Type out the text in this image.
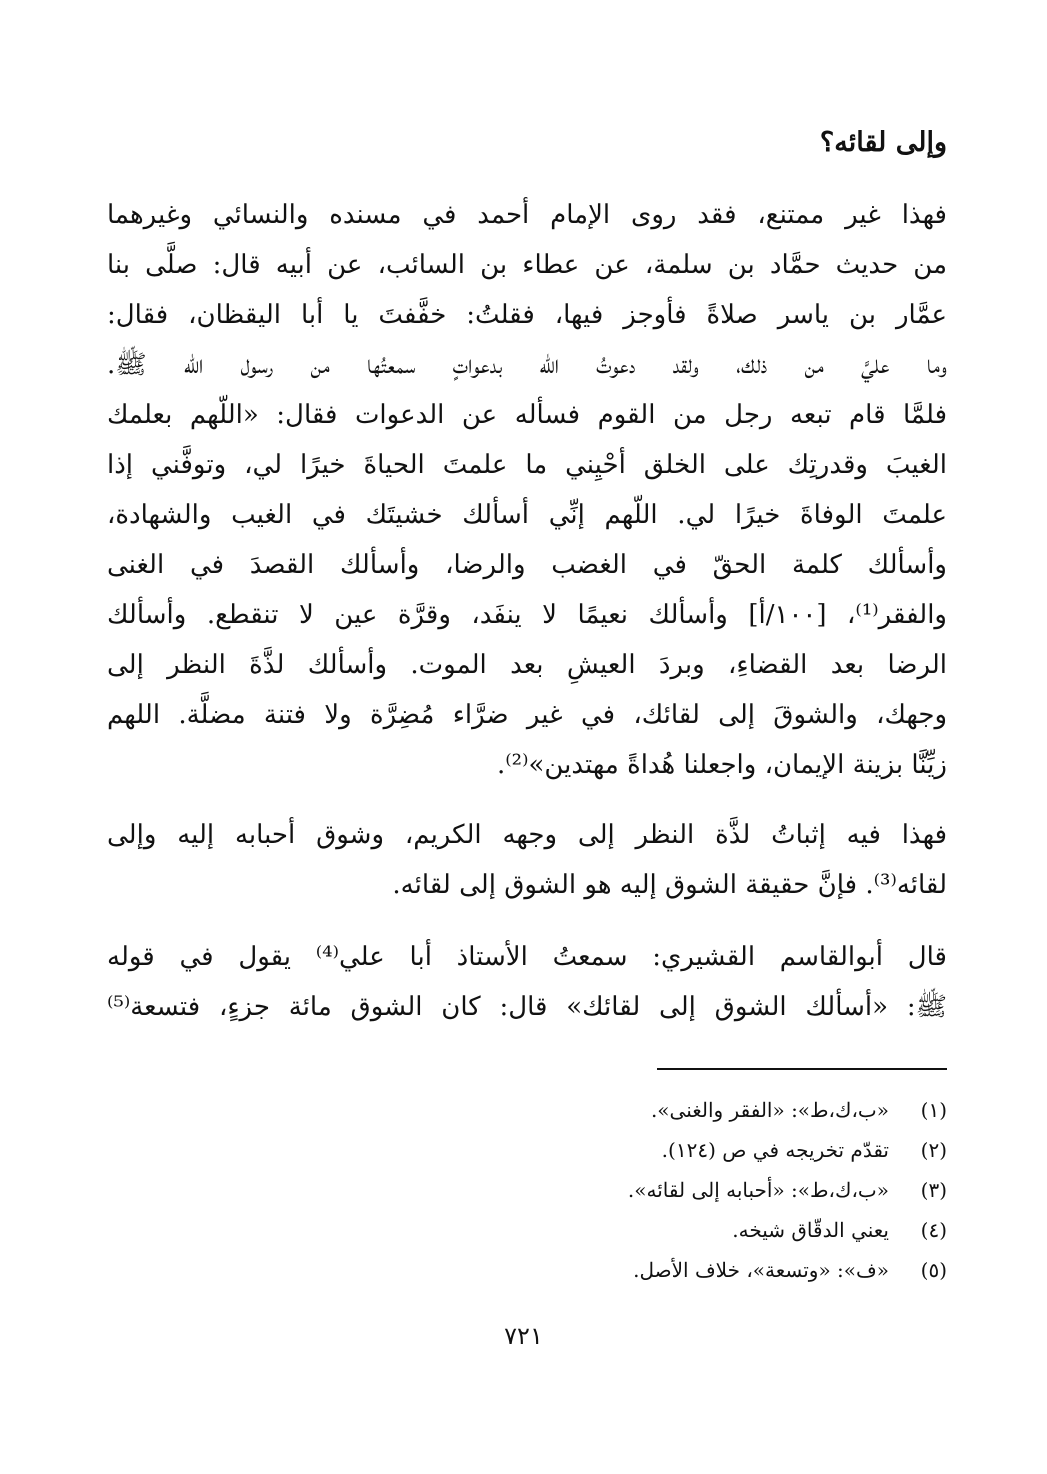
وإلى لقائه؟
فهذا غير ممتنع، فقد روى الإمام أحمد في مسنده والنسائي وغيرهما
من حديث حمَّاد بن سلمة، عن عطاء بن السائب، عن أبيه قال: صلَّى بنا
عمَّار بن ياسر صلاةً فأوجز فيها، فقلتُ: خفَّفتَ يا أبا اليقظان، فقال:
وما عليَّ من ذلك، ولقد دعوتُ الله بدعواتٍ سمعتُها من رسول الله ﷺ.
فلمَّا قام تبعه رجل من القوم فسأله عن الدعوات فقال: «اللّهم بعلمك
الغيبَ وقدرتِك على الخلق أحْيِني ما علمتَ الحياةَ خيرًا لي، وتوفَّني إذا
علمتَ الوفاةَ خيرًا لي. اللّهم إنِّي أسألك خشيتَك في الغيب والشهادة،
وأسألك كلمة الحقّ في الغضب والرضا، وأسألك القصدَ في الغنى
والفقر⁽¹⁾، [١٠٠/أ] وأسألك نعيمًا لا ينفَد، وقرَّة عين لا تنقطع. وأسألك
الرضا بعد القضاءِ، وبردَ العيشِ بعد الموت. وأسألك لذَّةَ النظر إلى
وجهك، والشوقَ إلى لقائك، في غير ضرَّاء مُضِرَّة ولا فتنة مضلَّة. اللهم
زيِّنَّا بزينة الإيمان، واجعلنا هُداةً مهتدين»⁽²⁾.
فهذا فيه إثباتُ لذَّة النظر إلى وجهه الكريم، وشوق أحبابه إليه وإلى
لقائه⁽³⁾. فإنَّ حقيقة الشوق إليه هو الشوق إلى لقائه.
قال أبوالقاسم القشيري: سمعتُ الأستاذ أبا علي⁽⁴⁾ يقول في قوله
ﷺ: «أسألك الشوق إلى لقائك» قال: كان الشوق مائة جزءٍ، فتسعة⁽⁵⁾
(١)«ب،ك،ط»: «الفقر والغنى».
(٢)تقدّم تخريجه في ص (١٢٤).
(٣)«ب،ك،ط»: «أحبابه إلى لقائه».
(٤)يعني الدقّاق شيخه.
(٥)«ف»: «وتسعة»، خلاف الأصل.
٧٢١
